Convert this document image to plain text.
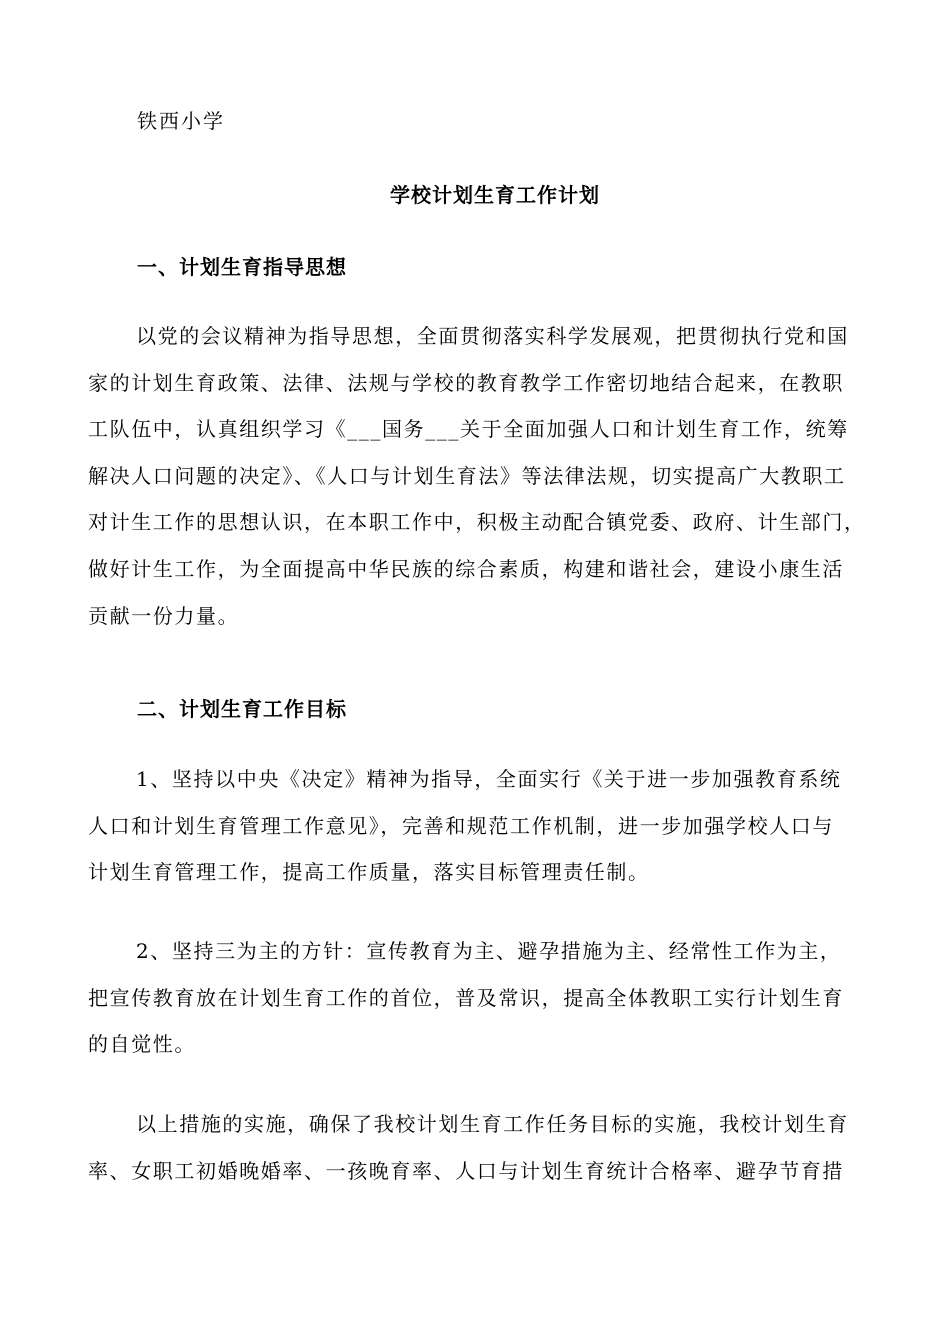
铁西小学
学校计划生育工作计划
一、计划生育指导思想
以党的会议精神为指导思想，全面贯彻落实科学发展观，把贯彻执行党和国
家的计划生育政策、法律、法规与学校的教育教学工作密切地结合起来，在教职
工队伍中，认真组织学习《___国务___关于全面加强人口和计划生育工作，统筹
解决人口问题的决定》、《人口与计划生育法》等法律法规，切实提高广大教职工
对计生工作的思想认识，在本职工作中，积极主动配合镇党委、政府、计生部门，
做好计生工作，为全面提高中华民族的综合素质，构建和谐社会，建设小康生活
贡献一份力量。
二、计划生育工作目标
1、坚持以中央《决定》精神为指导，全面实行《关于进一步加强教育系统
人口和计划生育管理工作意见》，完善和规范工作机制，进一步加强学校人口与
计划生育管理工作，提高工作质量，落实目标管理责任制。
2、坚持三为主的方针：宣传教育为主、避孕措施为主、经常性工作为主，
把宣传教育放在计划生育工作的首位，普及常识，提高全体教职工实行计划生育
的自觉性。
以上措施的实施，确保了我校计划生育工作任务目标的实施，我校计划生育
率、女职工初婚晚婚率、一孩晚育率、人口与计划生育统计合格率、避孕节育措
